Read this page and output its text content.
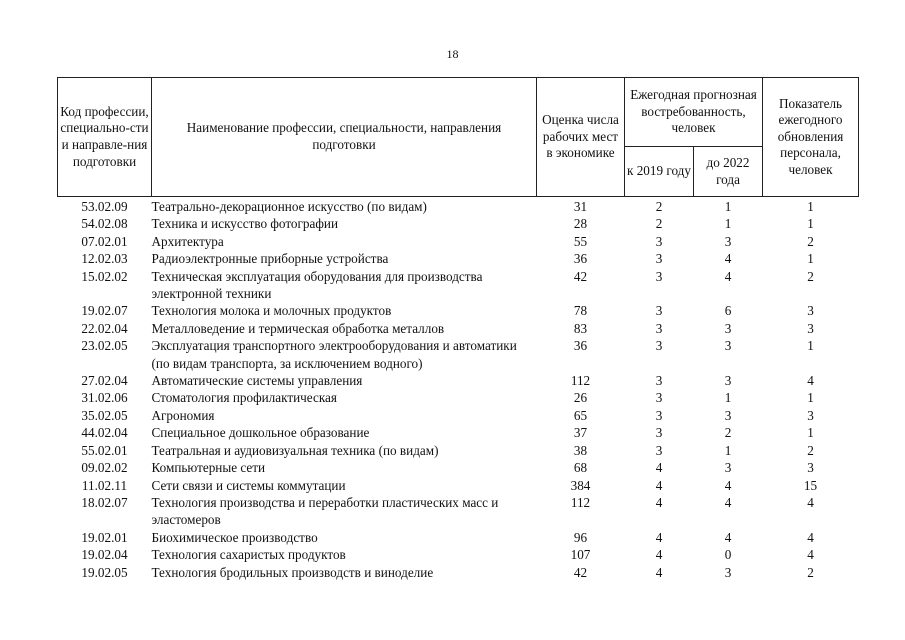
18
Код профессии, специально-сти и направле-ния подготовки	Наименование профессии, специальности, направления подготовки	Оценка числа рабочих мест в экономике	Ежегодная прогнозная востребованность, человек		Показатель ежегодного обновления персонала, человек
			к 2019 году	до 2022 года	
53.02.09	Театрально-декорационное искусство (по видам)	31	2	1	1
54.02.08	Техника и искусство фотографии	28	2	1	1
07.02.01	Архитектура	55	3	3	2
12.02.03	Радиоэлектронные приборные устройства	36	3	4	1
15.02.02	Техническая эксплуатация оборудования для производства электронной техники	42	3	4	2
19.02.07	Технология молока и молочных продуктов	78	3	6	3
22.02.04	Металловедение и термическая обработка металлов	83	3	3	3
23.02.05	Эксплуатация транспортного электрооборудования и автоматики (по видам транспорта, за исключением водного)	36	3	3	1
27.02.04	Автоматические системы управления	112	3	3	4
31.02.06	Стоматология профилактическая	26	3	1	1
35.02.05	Агрономия	65	3	3	3
44.02.04	Специальное дошкольное образование	37	3	2	1
55.02.01	Театральная и аудиовизуальная техника (по видам)	38	3	1	2
09.02.02	Компьютерные сети	68	4	3	3
11.02.11	Сети связи и системы коммутации	384	4	4	15
18.02.07	Технология производства и переработки пластических масс и эластомеров	112	4	4	4
19.02.01	Биохимическое производство	96	4	4	4
19.02.04	Технология сахаристых продуктов	107	4	0	4
19.02.05	Технология бродильных производств и виноделие	42	4	3	2
